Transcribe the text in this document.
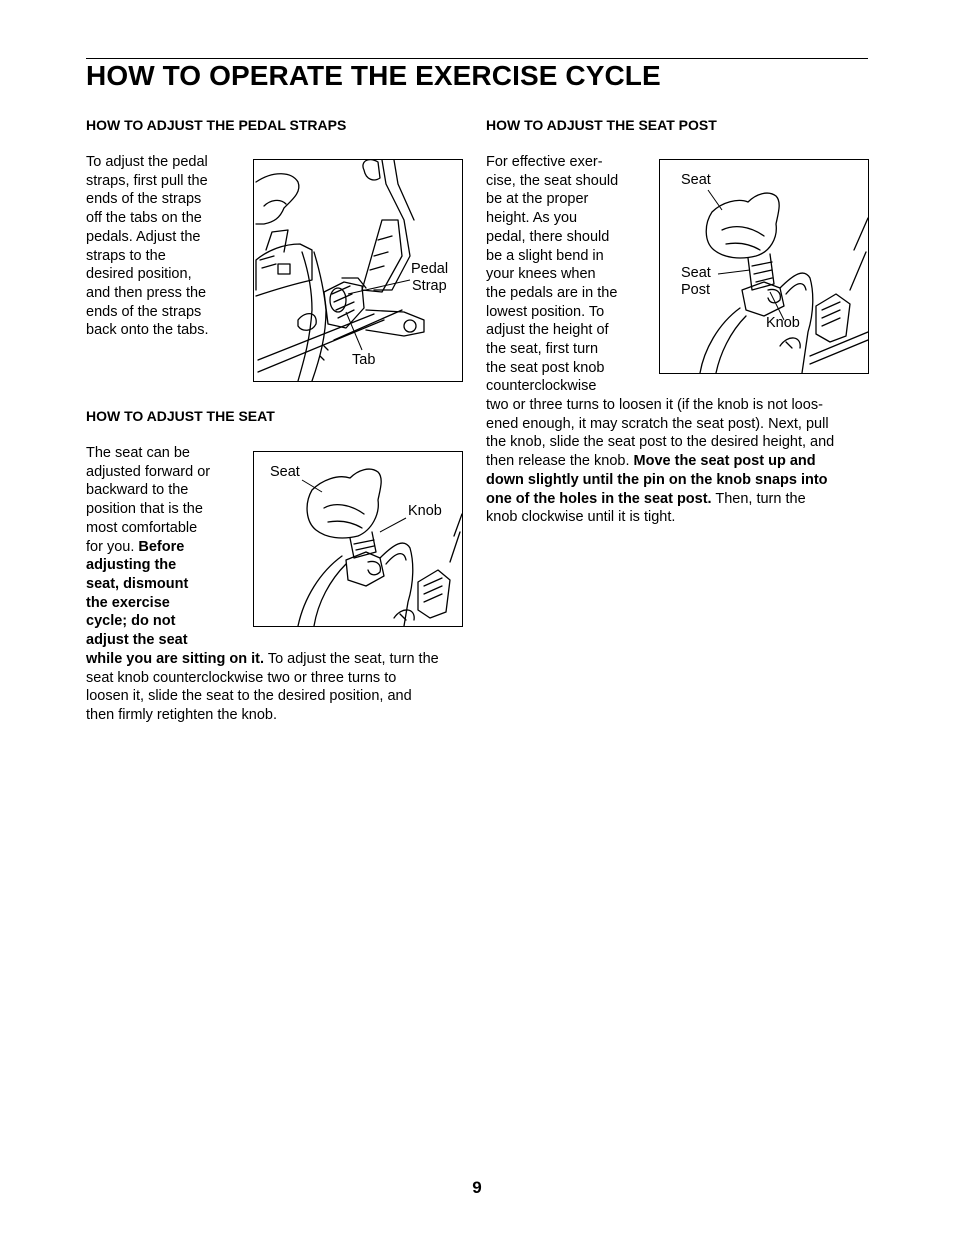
HOW TO OPERATE THE EXERCISE CYCLE
HOW TO ADJUST THE PEDAL STRAPS

To adjust the pedal
straps, first pull the
ends of the straps
off the tabs on the
pedals. Adjust the
straps to the
desired position,
and then press the
ends of the straps
back onto the tabs.

Pedal
Strap
Tab
HOW TO ADJUST THE SEAT

The seat can be
adjusted forward or
backward to the
position that is the
most comfortable
for you. Before
adjusting the
seat, dismount
the exercise
cycle; do not
adjust the seat

while you are sitting on it. To adjust the seat, turn the
seat knob counterclockwise two or three turns to
loosen it, slide the seat to the desired position, and
then firmly retighten the knob.

Seat
Knob
HOW TO ADJUST THE SEAT POST

For effective exer-
cise, the seat should
be at the proper
height. As you
pedal, there should
be a slight bend in
your knees when
the pedals are in the
lowest position. To
adjust the height of
the seat, first turn
the seat post knob
counterclockwise

two or three turns to loosen it (if the knob is not loos-
ened enough, it may scratch the seat post). Next, pull
the knob, slide the seat post to the desired height, and
then release the knob. Move the seat post up and
down slightly until the pin on the knob snaps into
one of the holes in the seat post. Then, turn the
knob clockwise until it is tight.

Seat
Seat
Post
Knob
9
